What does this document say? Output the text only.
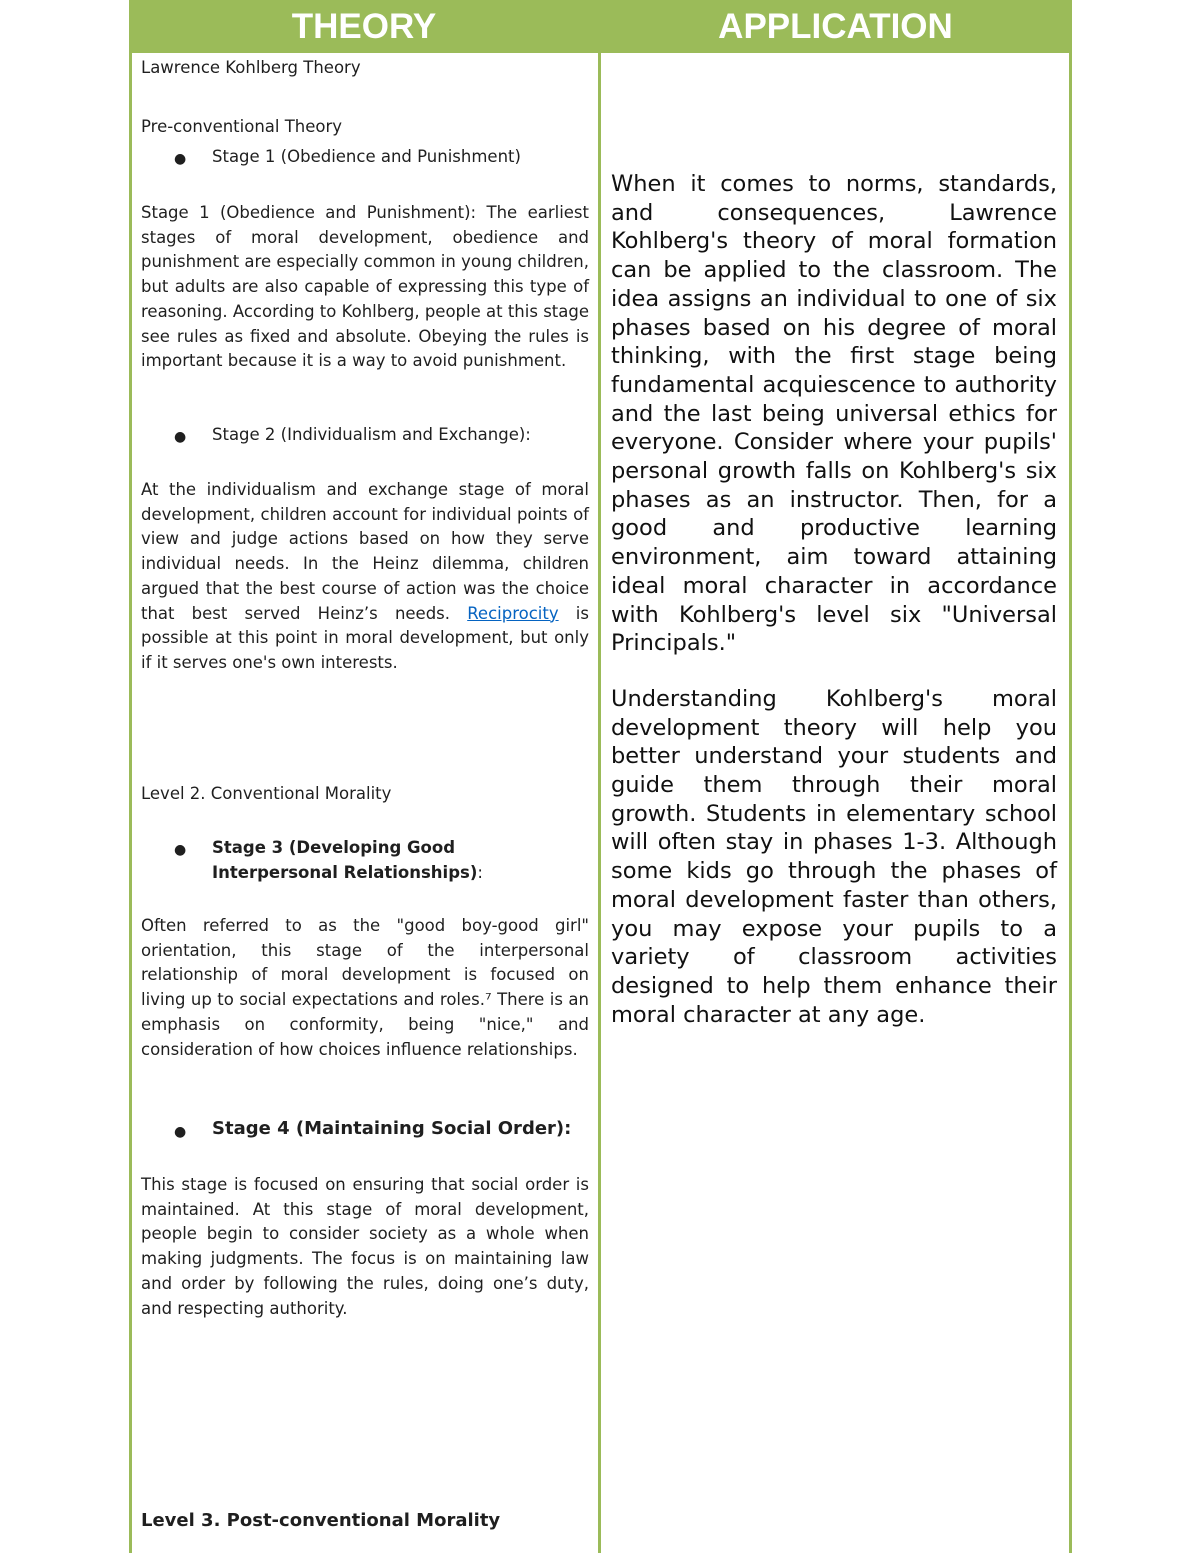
THEORY	APPLICATION
Lawrence Kohlberg Theory
Pre-conventional Theory
● Stage 1 (Obedience and Punishment)

Stage 1 (Obedience and Punishment): The earliest stages of moral development, obedience and punishment are especially common in young children, but adults are also capable of expressing this type of reasoning. According to Kohlberg, people at this stage see rules as fixed and absolute. Obeying the rules is important because it is a way to avoid punishment.

● Stage 2 (Individualism and Exchange):

At the individualism and exchange stage of moral development, children account for individual points of view and judge actions based on how they serve individual needs. In the Heinz dilemma, children argued that the best course of action was the choice that best served Heinz’s needs. Reciprocity is possible at this point in moral development, but only if it serves one's own interests.

Level 2. Conventional Morality
● Stage 3 (Developing Good Interpersonal Relationships):

Often referred to as the "good boy-good girl" orientation, this stage of the interpersonal relationship of moral development is focused on living up to social expectations and roles.⁷ There is an emphasis on conformity, being "nice," and consideration of how choices influence relationships.

● Stage 4 (Maintaining Social Order):

This stage is focused on ensuring that social order is maintained. At this stage of moral development, people begin to consider society as a whole when making judgments. The focus is on maintaining law and order by following the rules, doing one’s duty, and respecting authority.

Level 3. Post-conventional Morality

When it comes to norms, standards, and consequences, Lawrence Kohlberg's theory of moral formation can be applied to the classroom. The idea assigns an individual to one of six phases based on his degree of moral thinking, with the first stage being fundamental acquiescence to authority and the last being universal ethics for everyone. Consider where your pupils' personal growth falls on Kohlberg's six phases as an instructor. Then, for a good and productive learning environment, aim toward attaining ideal moral character in accordance with Kohlberg's level six "Universal Principals."

Understanding Kohlberg's moral development theory will help you better understand your students and guide them through their moral growth. Students in elementary school will often stay in phases 1-3. Although some kids go through the phases of moral development faster than others, you may expose your pupils to a variety of classroom activities designed to help them enhance their moral character at any age.
